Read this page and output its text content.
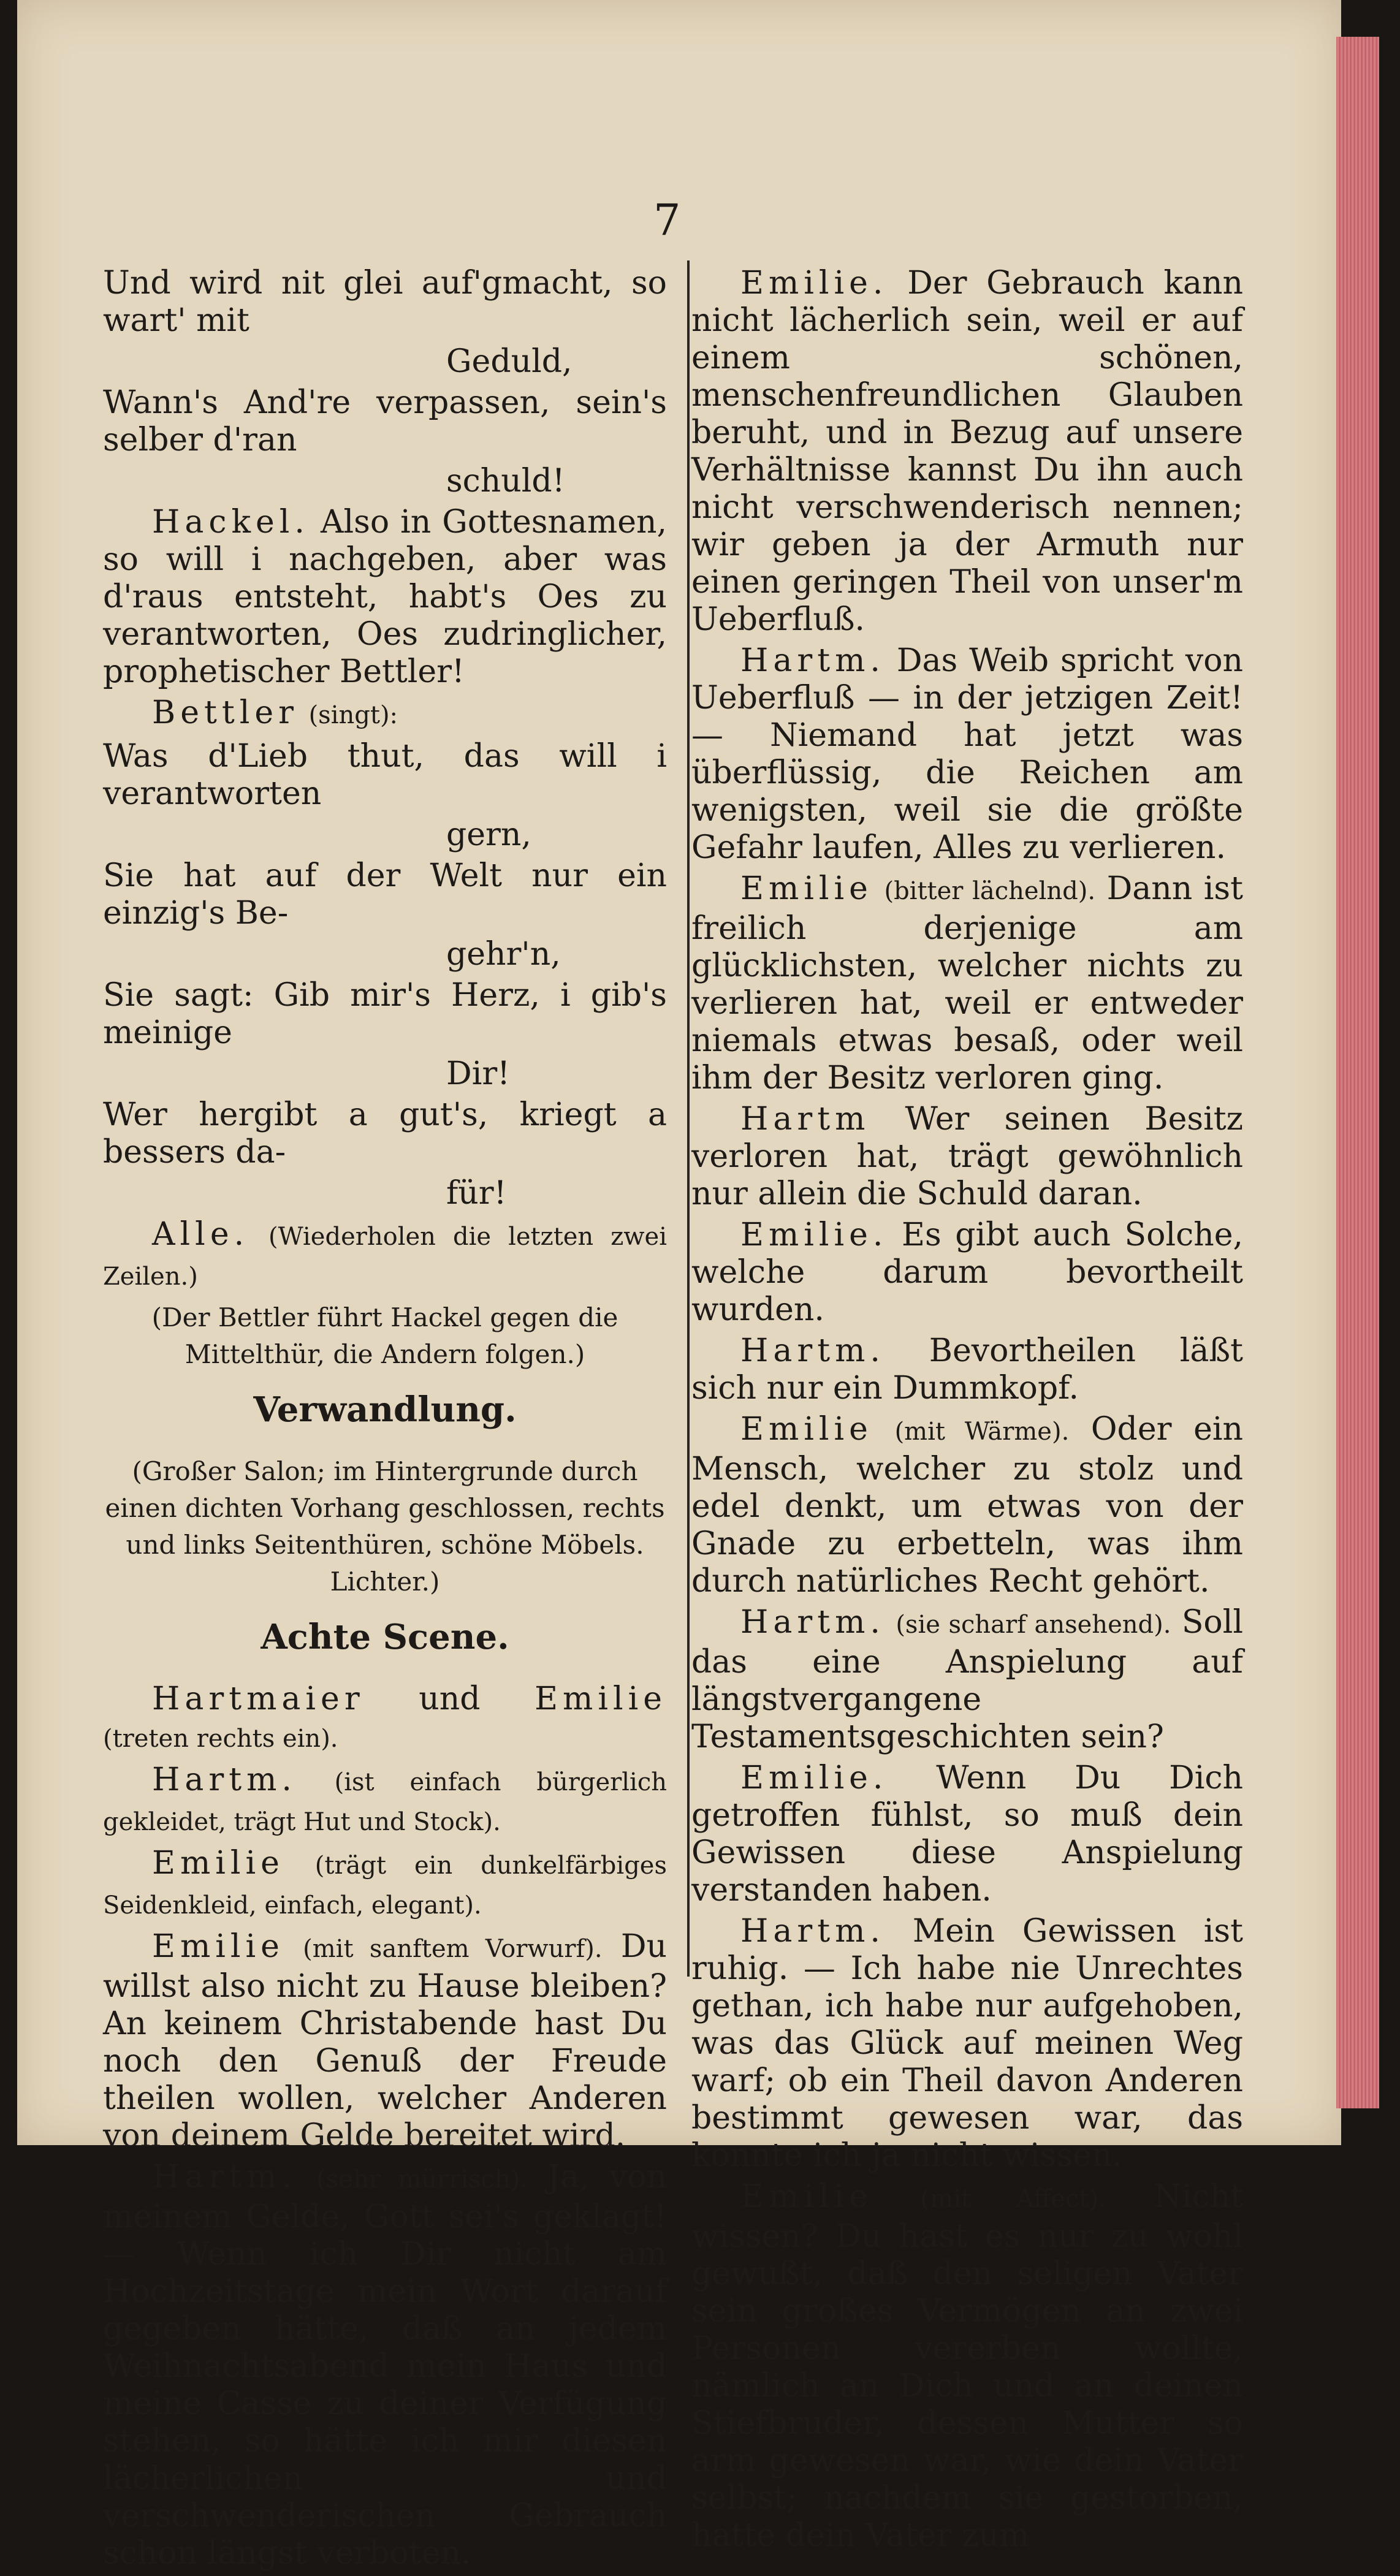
7

Und wird nit glei auf'gmacht, so wart' mit

Geduld,

Wann's And're verpassen, sein's selber d'ran

schuld!

Hackel. Also in Gottesnamen, so will i nachgeben, aber was d'raus entsteht, habt's Oes zu verantworten, Oes zudringlicher, prophetischer Bettler!

Bettler (singt):

Was d'Lieb thut, das will i verantworten

gern,

Sie hat auf der Welt nur ein einzig's Be-

gehr'n,

Sie sagt: Gib mir's Herz, i gib's meinige

Dir!

Wer hergibt a gut's, kriegt a bessers da-

für!

Alle. (Wiederholen die letzten zwei Zeilen.)

(Der Bettler führt Hackel gegen die Mittelthür, die Andern folgen.)

Verwandlung.

(Großer Salon; im Hintergrunde durch einen dichten Vorhang geschlossen, rechts und links Seitenthüren, schöne Möbels. Lichter.)

Achte Scene.

Hartmaier und Emilie (treten rechts ein).

Hartm. (ist einfach bürgerlich gekleidet, trägt Hut und Stock).

Emilie (trägt ein dunkelfärbiges Seidenkleid, einfach, elegant).

Emilie (mit sanftem Vorwurf). Du willst also nicht zu Hause bleiben? An keinem Christabende hast Du noch den Genuß der Freude theilen wollen, welcher Anderen von deinem Gelde bereitet wird.

Hartm. (sehr mürrisch). Ja, von meinem Gelde, Gott sei's geklagt! — Wenn ich Dir nicht am Hochzeitstage mein Wort darauf gegeben hätte, daß an jedem Weihnachtsabend mein Haus und meine Casse zu deiner Verfügung stehen, so hätte ich mir diesen lächerlichen und verschwenderischen Gebrauch schon längst verboten.

Emilie. Der Gebrauch kann nicht lächerlich sein, weil er auf einem schönen, menschenfreundlichen Glauben beruht, und in Bezug auf unsere Verhältnisse kannst Du ihn auch nicht verschwenderisch nennen; wir geben ja der Armuth nur einen geringen Theil von unser'm Ueberfluß.

Hartm. Das Weib spricht von Ueberfluß — in der jetzigen Zeit! — Niemand hat jetzt was überflüssig, die Reichen am wenigsten, weil sie die größte Gefahr laufen, Alles zu verlieren.

Emilie (bitter lächelnd). Dann ist freilich derjenige am glücklichsten, welcher nichts zu verlieren hat, weil er entweder niemals etwas besaß, oder weil ihm der Besitz verloren ging.

Hartm Wer seinen Besitz verloren hat, trägt gewöhnlich nur allein die Schuld daran.

Emilie. Es gibt auch Solche, welche darum bevortheilt wurden.

Hartm. Bevortheilen läßt sich nur ein Dummkopf.

Emilie (mit Wärme). Oder ein Mensch, welcher zu stolz und edel denkt, um etwas von der Gnade zu erbetteln, was ihm durch natürliches Recht gehört.

Hartm. (sie scharf ansehend). Soll das eine Anspielung auf längstvergangene Testamentsgeschichten sein?

Emilie. Wenn Du Dich getroffen fühlst, so muß dein Gewissen diese Anspielung verstanden haben.

Hartm. Mein Gewissen ist ruhig. — Ich habe nie Unrechtes gethan, ich habe nur aufgehoben, was das Glück auf meinen Weg warf; ob ein Theil davon Anderen bestimmt gewesen war, das konnte ich ja nicht wissen.

Emilie (mit Affect). Nicht wissen? Du hast es nur zu wohl gewußt, daß den seligen Vater sein großes Vermögen an zwei Personen vererben wollte, nämlich an Dich und an deinen Stiefbruder, dessen Mutter so arm gewesen war, wie dein Vater selbst; nachdem sie gestorben, hatte dein Vater zum
